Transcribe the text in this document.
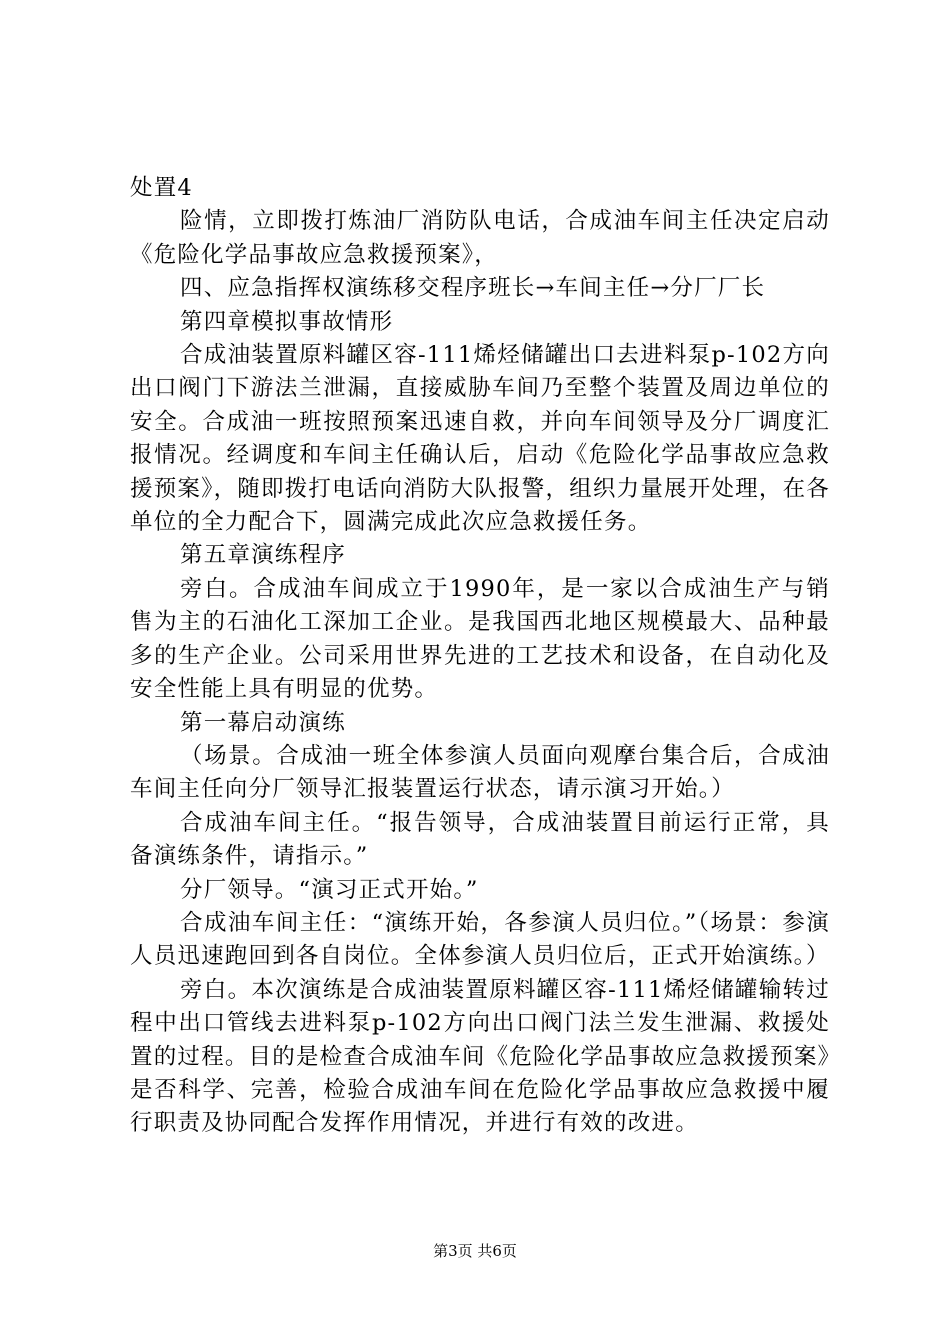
处置4

险情，立即拨打炼油厂消防队电话，合成油车间主任决定启动《危险化学品事故应急救援预案》，

四、应急指挥权演练移交程序班长→车间主任→分厂厂长

第四章模拟事故情形

合成油装置原料罐区容-111烯烃储罐出口去进料泵p-102方向出口阀门下游法兰泄漏，直接威胁车间乃至整个装置及周边单位的安全。合成油一班按照预案迅速自救，并向车间领导及分厂调度汇报情况。经调度和车间主任确认后，启动《危险化学品事故应急救援预案》，随即拨打电话向消防大队报警，组织力量展开处理，在各单位的全力配合下，圆满完成此次应急救援任务。

第五章演练程序

旁白。合成油车间成立于1990年，是一家以合成油生产与销售为主的石油化工深加工企业。是我国西北地区规模最大、品种最多的生产企业。公司采用世界先进的工艺技术和设备，在自动化及安全性能上具有明显的优势。

第一幕启动演练

（场景。合成油一班全体参演人员面向观摩台集合后，合成油车间主任向分厂领导汇报装置运行状态，请示演习开始。）

合成油车间主任。“报告领导，合成油装置目前运行正常，具备演练条件，请指示。”

分厂领导。“演习正式开始。”

合成油车间主任：“演练开始，各参演人员归位。”（场景：参演人员迅速跑回到各自岗位。全体参演人员归位后，正式开始演练。）

旁白。本次演练是合成油装置原料罐区容-111烯烃储罐输转过程中出口管线去进料泵p-102方向出口阀门法兰发生泄漏、救援处置的过程。目的是检查合成油车间《危险化学品事故应急救援预案》是否科学、完善，检验合成油车间在危险化学品事故应急救援中履行职责及协同配合发挥作用情况，并进行有效的改进。

第3页 共6页
